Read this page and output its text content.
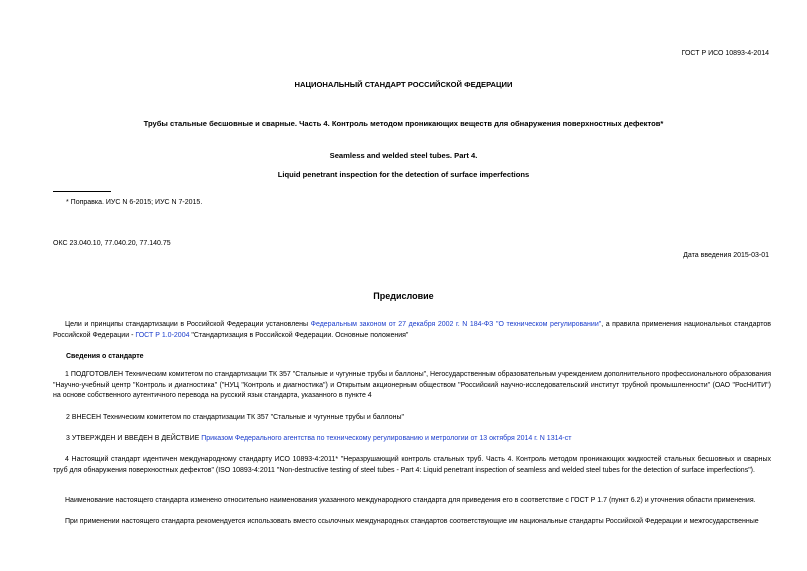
ГОСТ Р ИСО 10893-4-2014
НАЦИОНАЛЬНЫЙ СТАНДАРТ РОССИЙСКОЙ ФЕДЕРАЦИИ
Трубы стальные бесшовные и сварные. Часть 4. Контроль методом проникающих веществ для обнаружения поверхностных дефектов*
Seamless and welded steel tubes. Part 4.
Liquid penetrant inspection for the detection of surface imperfections
* Поправка. ИУС N 6-2015; ИУС N 7-2015.
ОКС 23.040.10, 77.040.20, 77.140.75
Дата введения 2015-03-01
Предисловие
Цели и принципы стандартизации в Российской Федерации установлены Федеральным законом от 27 декабря 2002 г. N 184-ФЗ "О техническом регулировании", а правила применения национальных стандартов Российской Федерации - ГОСТ Р 1.0-2004 "Стандартизация в Российской Федерации. Основные положения"
Сведения о стандарте
1 ПОДГОТОВЛЕН Техническим комитетом по стандартизации ТК 357 "Стальные и чугунные трубы и баллоны", Негосударственным образовательным учреждением дополнительного профессионального образования "Научно-учебный центр "Контроль и диагностика" ("НУЦ "Контроль и диагностика") и Открытым акционерным обществом "Российский научно-исследовательский институт трубной промышленности" (ОАО "РосНИТИ") на основе собственного аутентичного перевода на русский язык стандарта, указанного в пункте 4
2 ВНЕСЕН Техническим комитетом по стандартизации ТК 357 "Стальные и чугунные трубы и баллоны"
3 УТВЕРЖДЕН И ВВЕДЕН В ДЕЙСТВИЕ Приказом Федерального агентства по техническому регулированию и метрологии от 13 октября 2014 г. N 1314-ст
4 Настоящий стандарт идентичен международному стандарту ИСО 10893-4:2011* "Неразрушающий контроль стальных труб. Часть 4. Контроль методом проникающих жидкостей стальных бесшовных и сварных труб для обнаружения поверхностных дефектов" (ISO 10893-4:2011 "Non-destructive testing of steel tubes - Part 4: Liquid penetrant inspection of seamless and welded steel tubes for the detection of surface imperfections").
Наименование настоящего стандарта изменено относительно наименования указанного международного стандарта для приведения его в соответствие с ГОСТ Р 1.7 (пункт 6.2) и уточнения области применения.
При применении настоящего стандарта рекомендуется использовать вместо ссылочных международных стандартов соответствующие им национальные стандарты Российской Федерации и межгосударственные
